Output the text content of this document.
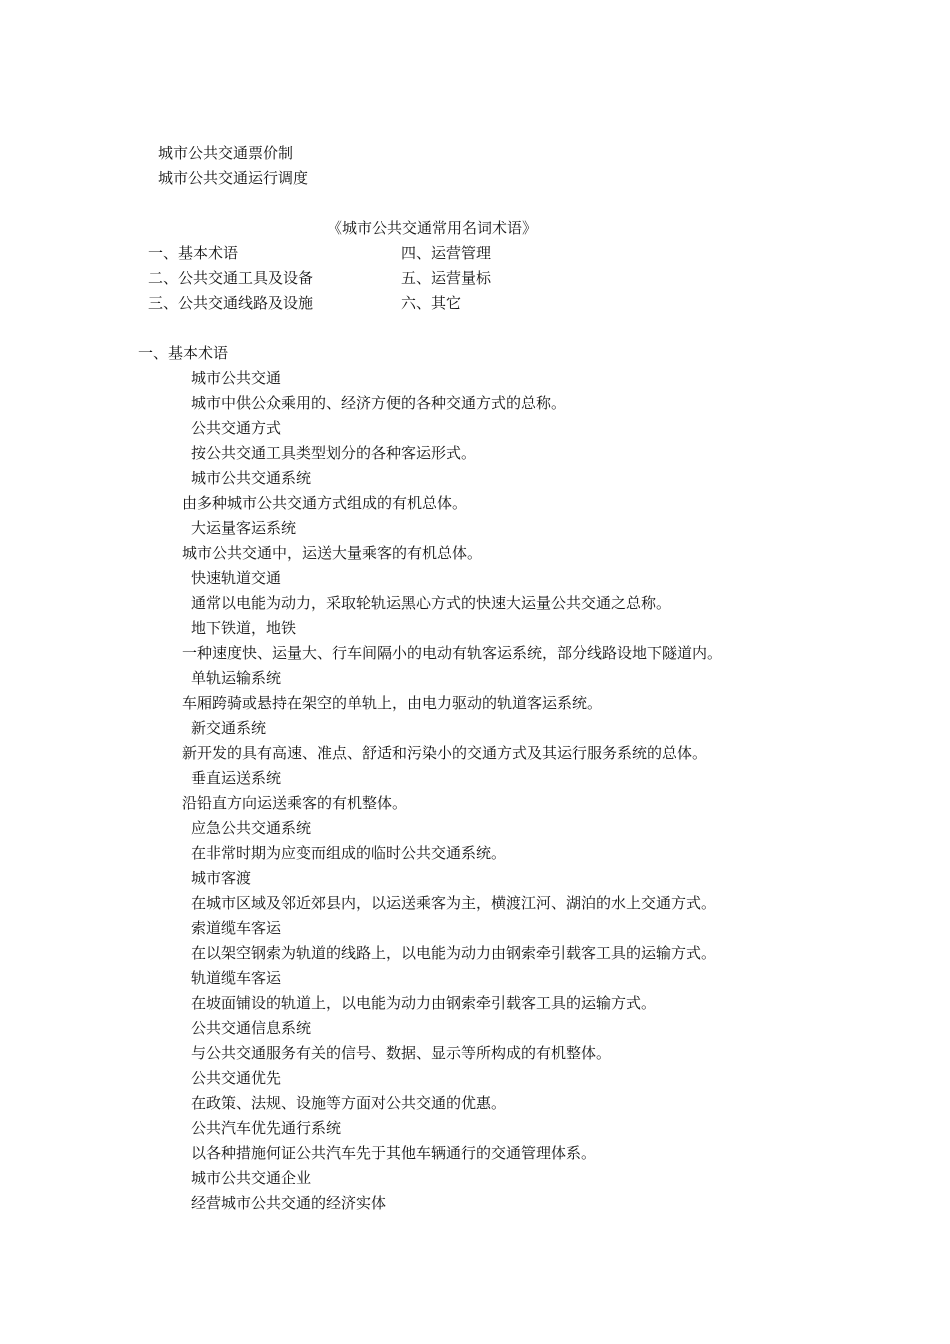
城市公共交通票价制
城市公共交通运行调度
《城市公共交通常用名词术语》
一、基本术语	四、运营管理
二、公共交通工具及设备	五、运营量标
三、公共交通线路及设施	六、其它
一、基本术语
城市公共交通
城市中供公众乘用的、经济方便的各种交通方式的总称。
公共交通方式
按公共交通工具类型划分的各种客运形式。
城市公共交通系统
由多种城市公共交通方式组成的有机总体。
大运量客运系统
城市公共交通中，运送大量乘客的有机总体。
快速轨道交通
通常以电能为动力，采取轮轨运黑心方式的快速大运量公共交通之总称。
地下铁道，地铁
一种速度快、运量大、行车间隔小的电动有轨客运系统，部分线路设地下隧道内。
单轨运输系统
车厢跨骑或悬持在架空的单轨上，由电力驱动的轨道客运系统。
新交通系统
新开发的具有高速、准点、舒适和污染小的交通方式及其运行服务系统的总体。
垂直运送系统
沿铅直方向运送乘客的有机整体。
应急公共交通系统
在非常时期为应变而组成的临时公共交通系统。
城市客渡
在城市区域及邻近郊县内，以运送乘客为主，横渡江河、湖泊的水上交通方式。
索道缆车客运
在以架空钢索为轨道的线路上，以电能为动力由钢索牵引载客工具的运输方式。
轨道缆车客运
在坡面铺设的轨道上，以电能为动力由钢索牵引载客工具的运输方式。
公共交通信息系统
与公共交通服务有关的信号、数据、显示等所构成的有机整体。
公共交通优先
在政策、法规、设施等方面对公共交通的优惠。
公共汽车优先通行系统
以各种措施何证公共汽车先于其他车辆通行的交通管理体系。
城市公共交通企业
经营城市公共交通的经济实体
